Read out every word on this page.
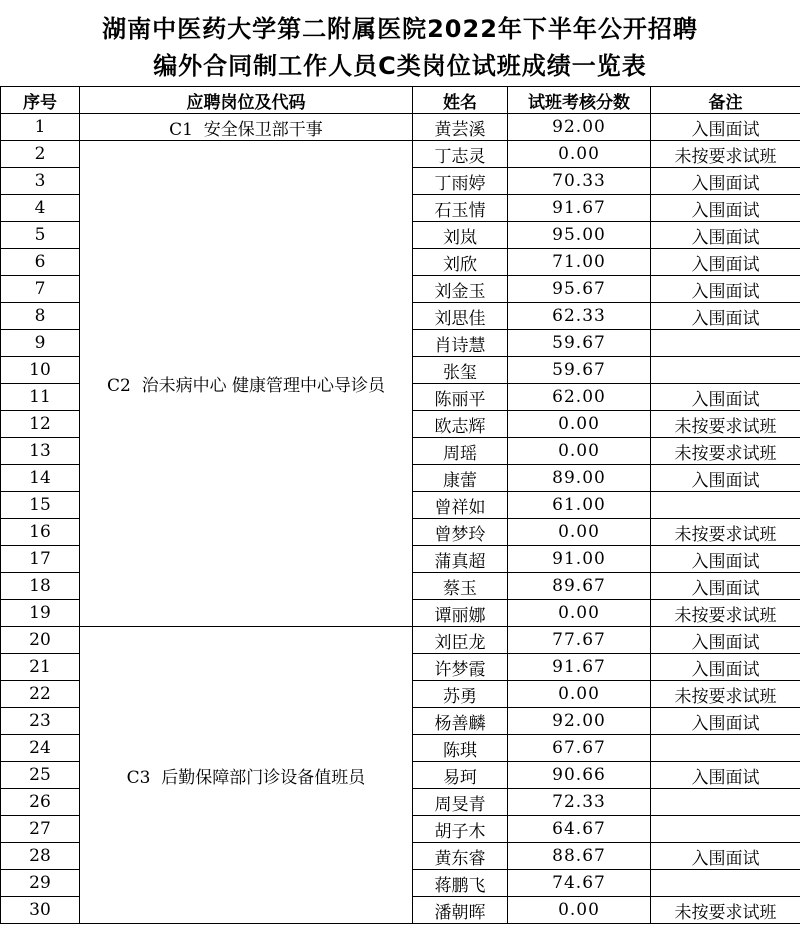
湖南中医药大学第二附属医院2022年下半年公开招聘
编外合同制工作人员C类岗位试班成绩一览表
序号	应聘岗位及代码	姓名	试班考核分数	备注
1	C1  安全保卫部干事	黄芸溪	92.00	入围面试
2	C2  治未病中心 健康管理中心导诊员	丁志灵	0.00	未按要求试班
3		丁雨婷	70.33	入围面试
4		石玉情	91.67	入围面试
5		刘岚	95.00	入围面试
6		刘欣	71.00	入围面试
7		刘金玉	95.67	入围面试
8		刘思佳	62.33	入围面试
9		肖诗慧	59.67	
10		张玺	59.67	
11		陈丽平	62.00	入围面试
12		欧志辉	0.00	未按要求试班
13		周瑶	0.00	未按要求试班
14		康蕾	89.00	入围面试
15		曾祥如	61.00	
16		曾梦玲	0.00	未按要求试班
17		蒲真超	91.00	入围面试
18		蔡玉	89.67	入围面试
19		谭丽娜	0.00	未按要求试班
20	C3  后勤保障部门诊设备值班员	刘臣龙	77.67	入围面试
21		许梦霞	91.67	入围面试
22		苏勇	0.00	未按要求试班
23		杨善麟	92.00	入围面试
24		陈琪	67.67	
25		易珂	90.66	入围面试
26		周旻青	72.33	
27		胡子木	64.67	
28		黄东睿	88.67	入围面试
29		蒋鹏飞	74.67	
30		潘朝晖	0.00	未按要求试班
